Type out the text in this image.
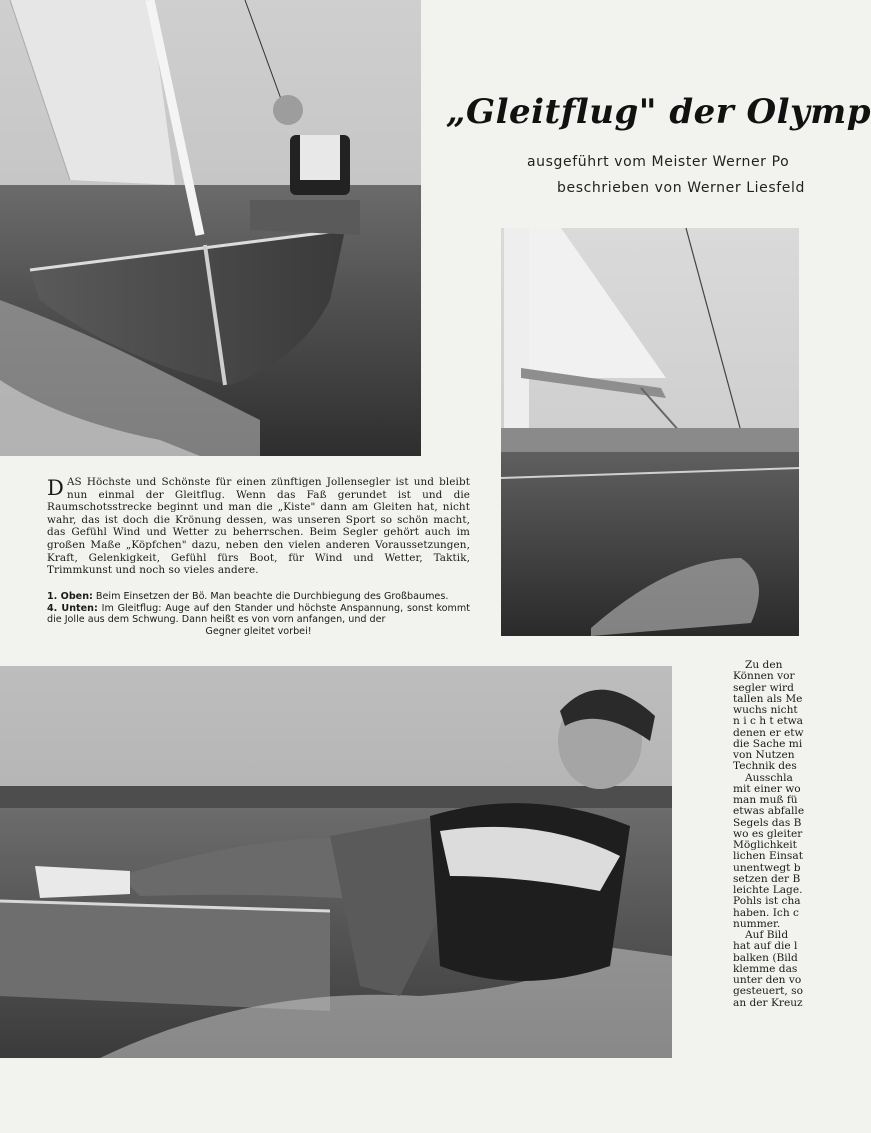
„Gleitflug" der Olymp
ausgeführt vom Meister Werner Po
beschrieben von Werner Liesfeld
DAS Höchste und Schönste für einen zünftigen Jollensegler ist und bleibt nun einmal der Gleitflug. Wenn das Faß gerundet ist und die Raumschotsstrecke beginnt und man die „Kiste" dann am Gleiten hat, nicht wahr, das ist doch die Krönung dessen, was unseren Sport so schön macht, das Gefühl Wind und Wetter zu beherrschen. Beim Segler gehört auch im großen Maße „Köpfchen" dazu, neben den vielen anderen Voraussetzungen, Kraft, Gelenkigkeit, Gefühl fürs Boot, für Wind und Wetter, Taktik, Trimmkunst und noch so vieles andere.
1. Oben: Beim Einsetzen der Bö. Man beachte die Durchbiegung des Großbaumes.
4. Unten: Im Gleitflug: Auge auf den Stander und höchste Anspannung, sonst kommt die Jolle aus dem Schwung. Dann heißt es von vorn anfangen, und der
Gegner gleitet vorbei!
Zu den
Können vor
segler wird
tallen als Me
wuchs nicht
n i c h t etwa
denen er etw
die Sache mi
von Nutzen
Technik des
Ausschla
mit einer wo
man muß fü
etwas abfalle
Segels das B
wo es gleiter
Möglichkeit
lichen Einsat
unentwegt b
setzen der B
leichte Lage.
Pohls ist cha
haben. Ich c
nummer.
Auf Bild
hat auf die l
balken (Bild
klemme das
unter den vo
gesteuert, so
an der Kreuz
